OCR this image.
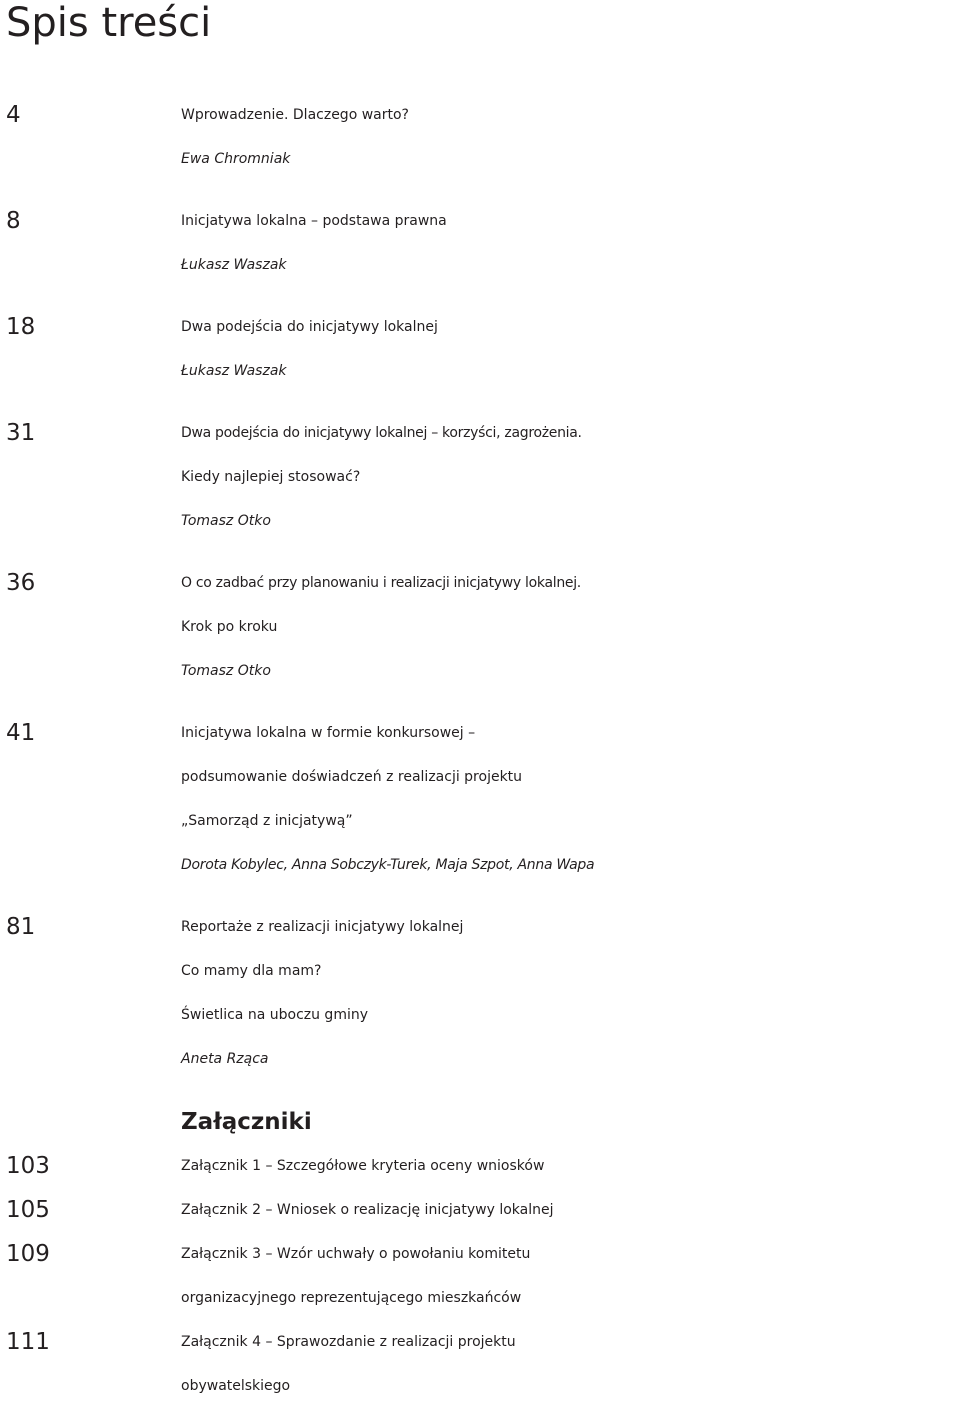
Spis treści
4	Wprowadzenie. Dlaczego warto?
Ewa Chromniak
8	Inicjatywa lokalna – podstawa prawna
Łukasz Waszak
18	Dwa podejścia do inicjatywy lokalnej
Łukasz Waszak
31	Dwa podejścia do inicjatywy lokalnej – korzyści, zagrożenia.
Kiedy najlepiej stosować?
Tomasz Otko
36	O co zadbać przy planowaniu i realizacji inicjatywy lokalnej.
Krok po kroku
Tomasz Otko
41	Inicjatywa lokalna w formie konkursowej –
podsumowanie doświadczeń z realizacji projektu
„Samorząd z inicjatywą”
Dorota Kobylec, Anna Sobczyk-Turek, Maja Szpot, Anna Wapa
81	Reportaże z realizacji inicjatywy lokalnej
Co mamy dla mam?
Świetlica na uboczu gminy
Aneta Rząca
Załączniki
103	Załącznik 1 – Szczegółowe kryteria oceny wniosków
105	Załącznik 2 – Wniosek o realizację inicjatywy lokalnej
109	Załącznik 3 – Wzór uchwały o powołaniu komitetu
organizacyjnego reprezentującego mieszkańców
111	Załącznik 4 – Sprawozdanie z realizacji projektu
obywatelskiego
